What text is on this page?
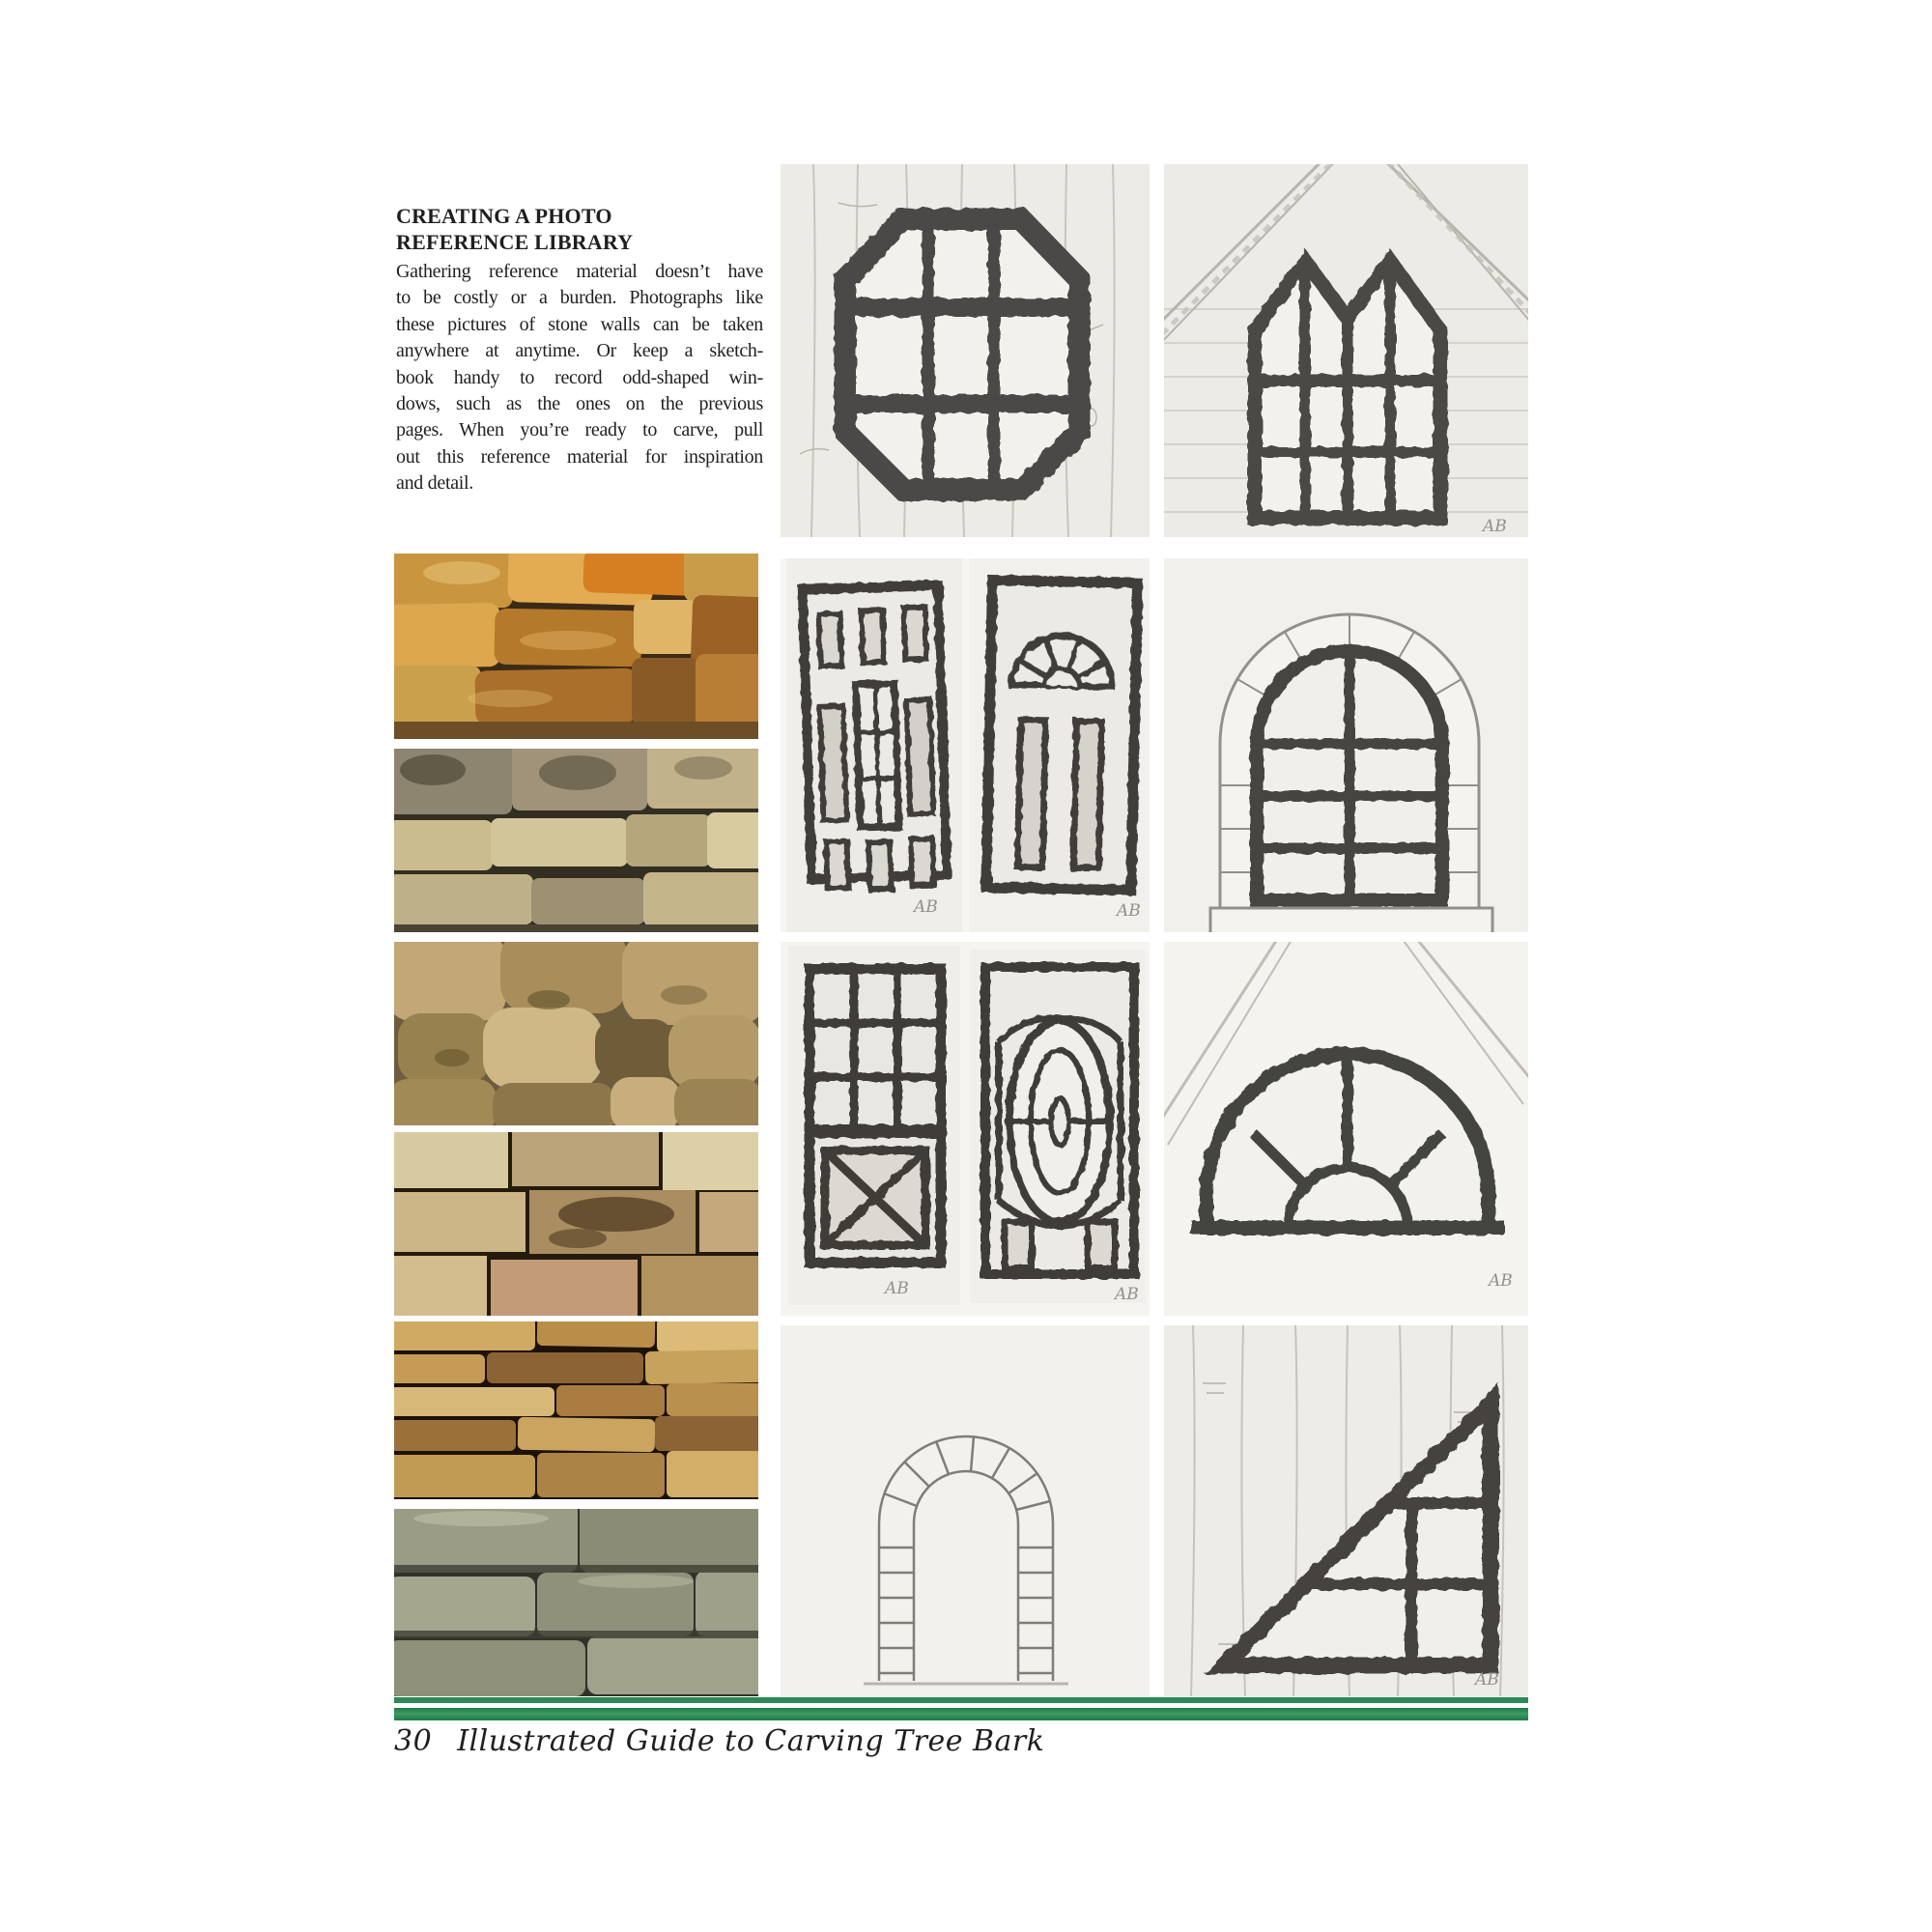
CREATING A PHOTO
REFERENCE LIBRARY

Gathering reference material doesn’t have

to be costly or a burden. Photographs like

these pictures of stone walls can be taken

anywhere at anytime. Or keep a sketch-

book handy to record odd-shaped win-

dows, such as the ones on the previous

pages. When you’re ready to carve, pull

out this reference material for inspiration

and detail.

AB
AB	AB
AB	AB
AB
AB
30 Illustrated Guide to Carving Tree Bark
